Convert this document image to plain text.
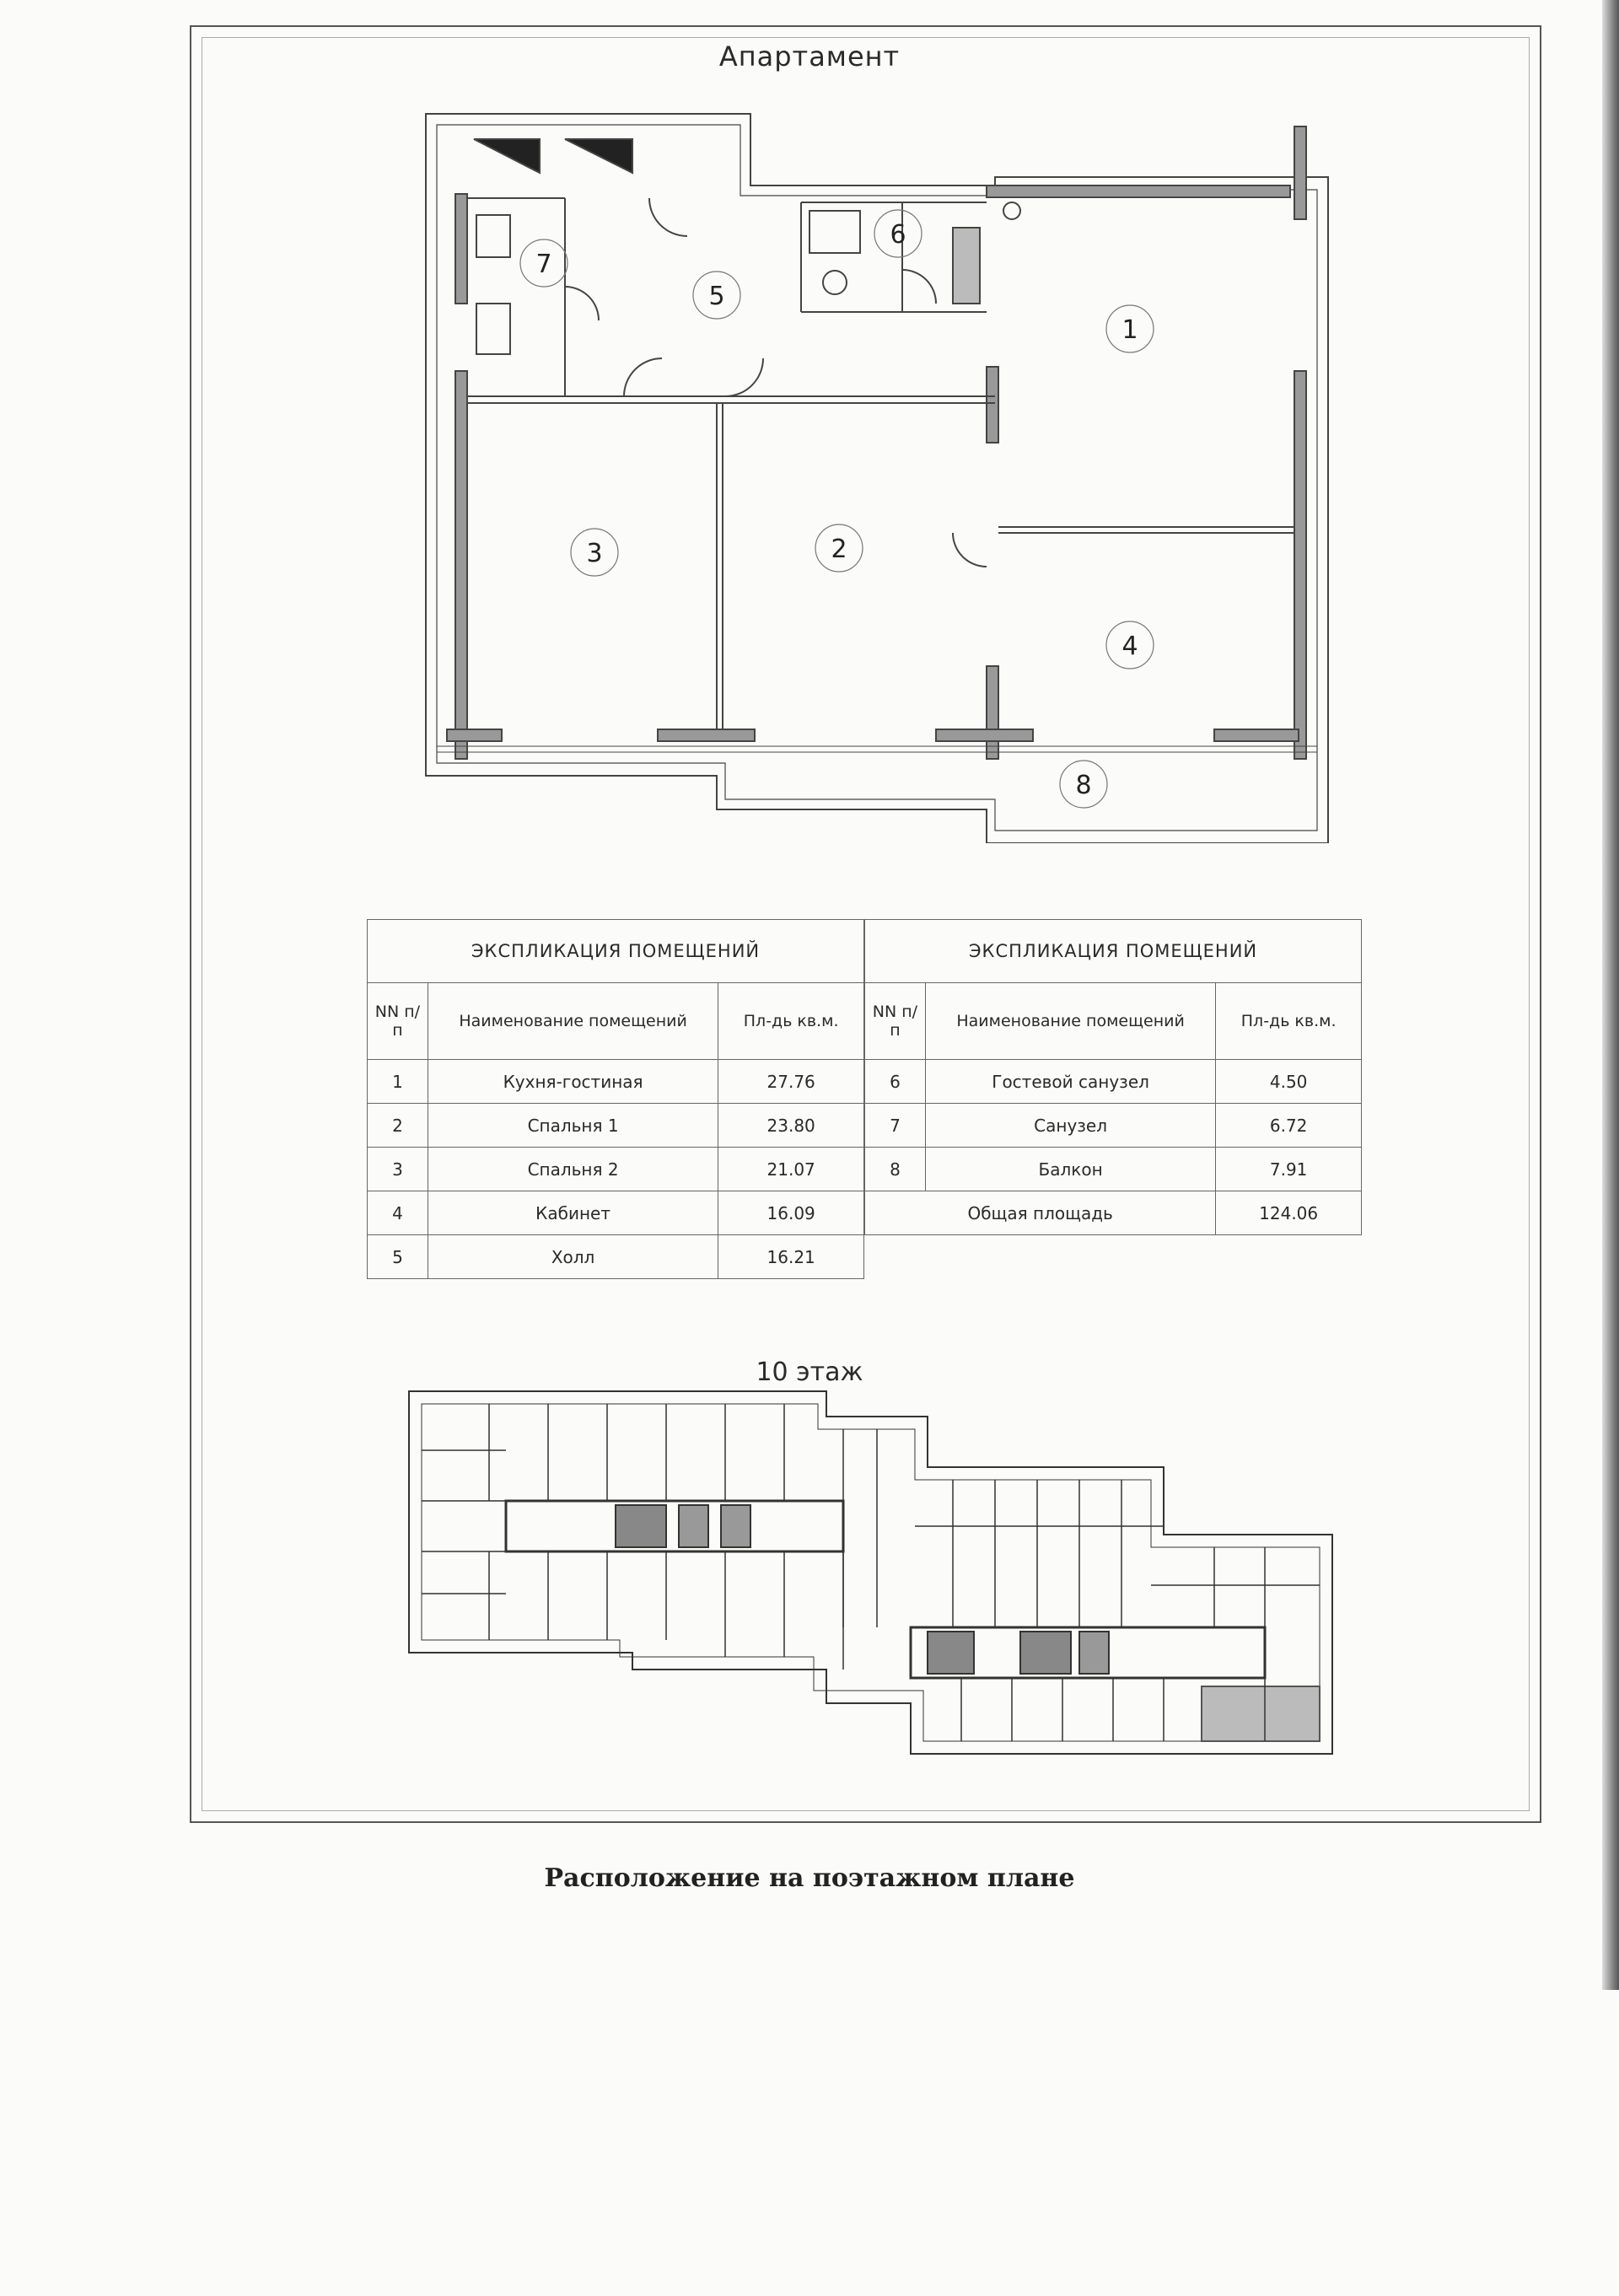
Апартамент
1
2
3
4
5
6
7
8
ЭКСПЛИКАЦИЯ ПОМЕЩЕНИЙ		
NN п/п	Наименование помещений	Пл-дь кв.м.
1	Кухня-гостиная	27.76
2	Спальня 1	23.80
3	Спальня 2	21.07
4	Кабинет	16.09
5	Холл	16.21
ЭКСПЛИКАЦИЯ ПОМЕЩЕНИЙ		
NN п/п	Наименование помещений	Пл-дь кв.м.
6	Гостевой санузел	4.50
7	Санузел	6.72
8	Балкон	7.91
Общая площадь		124.06
10 этаж
Расположение на поэтажном плане
